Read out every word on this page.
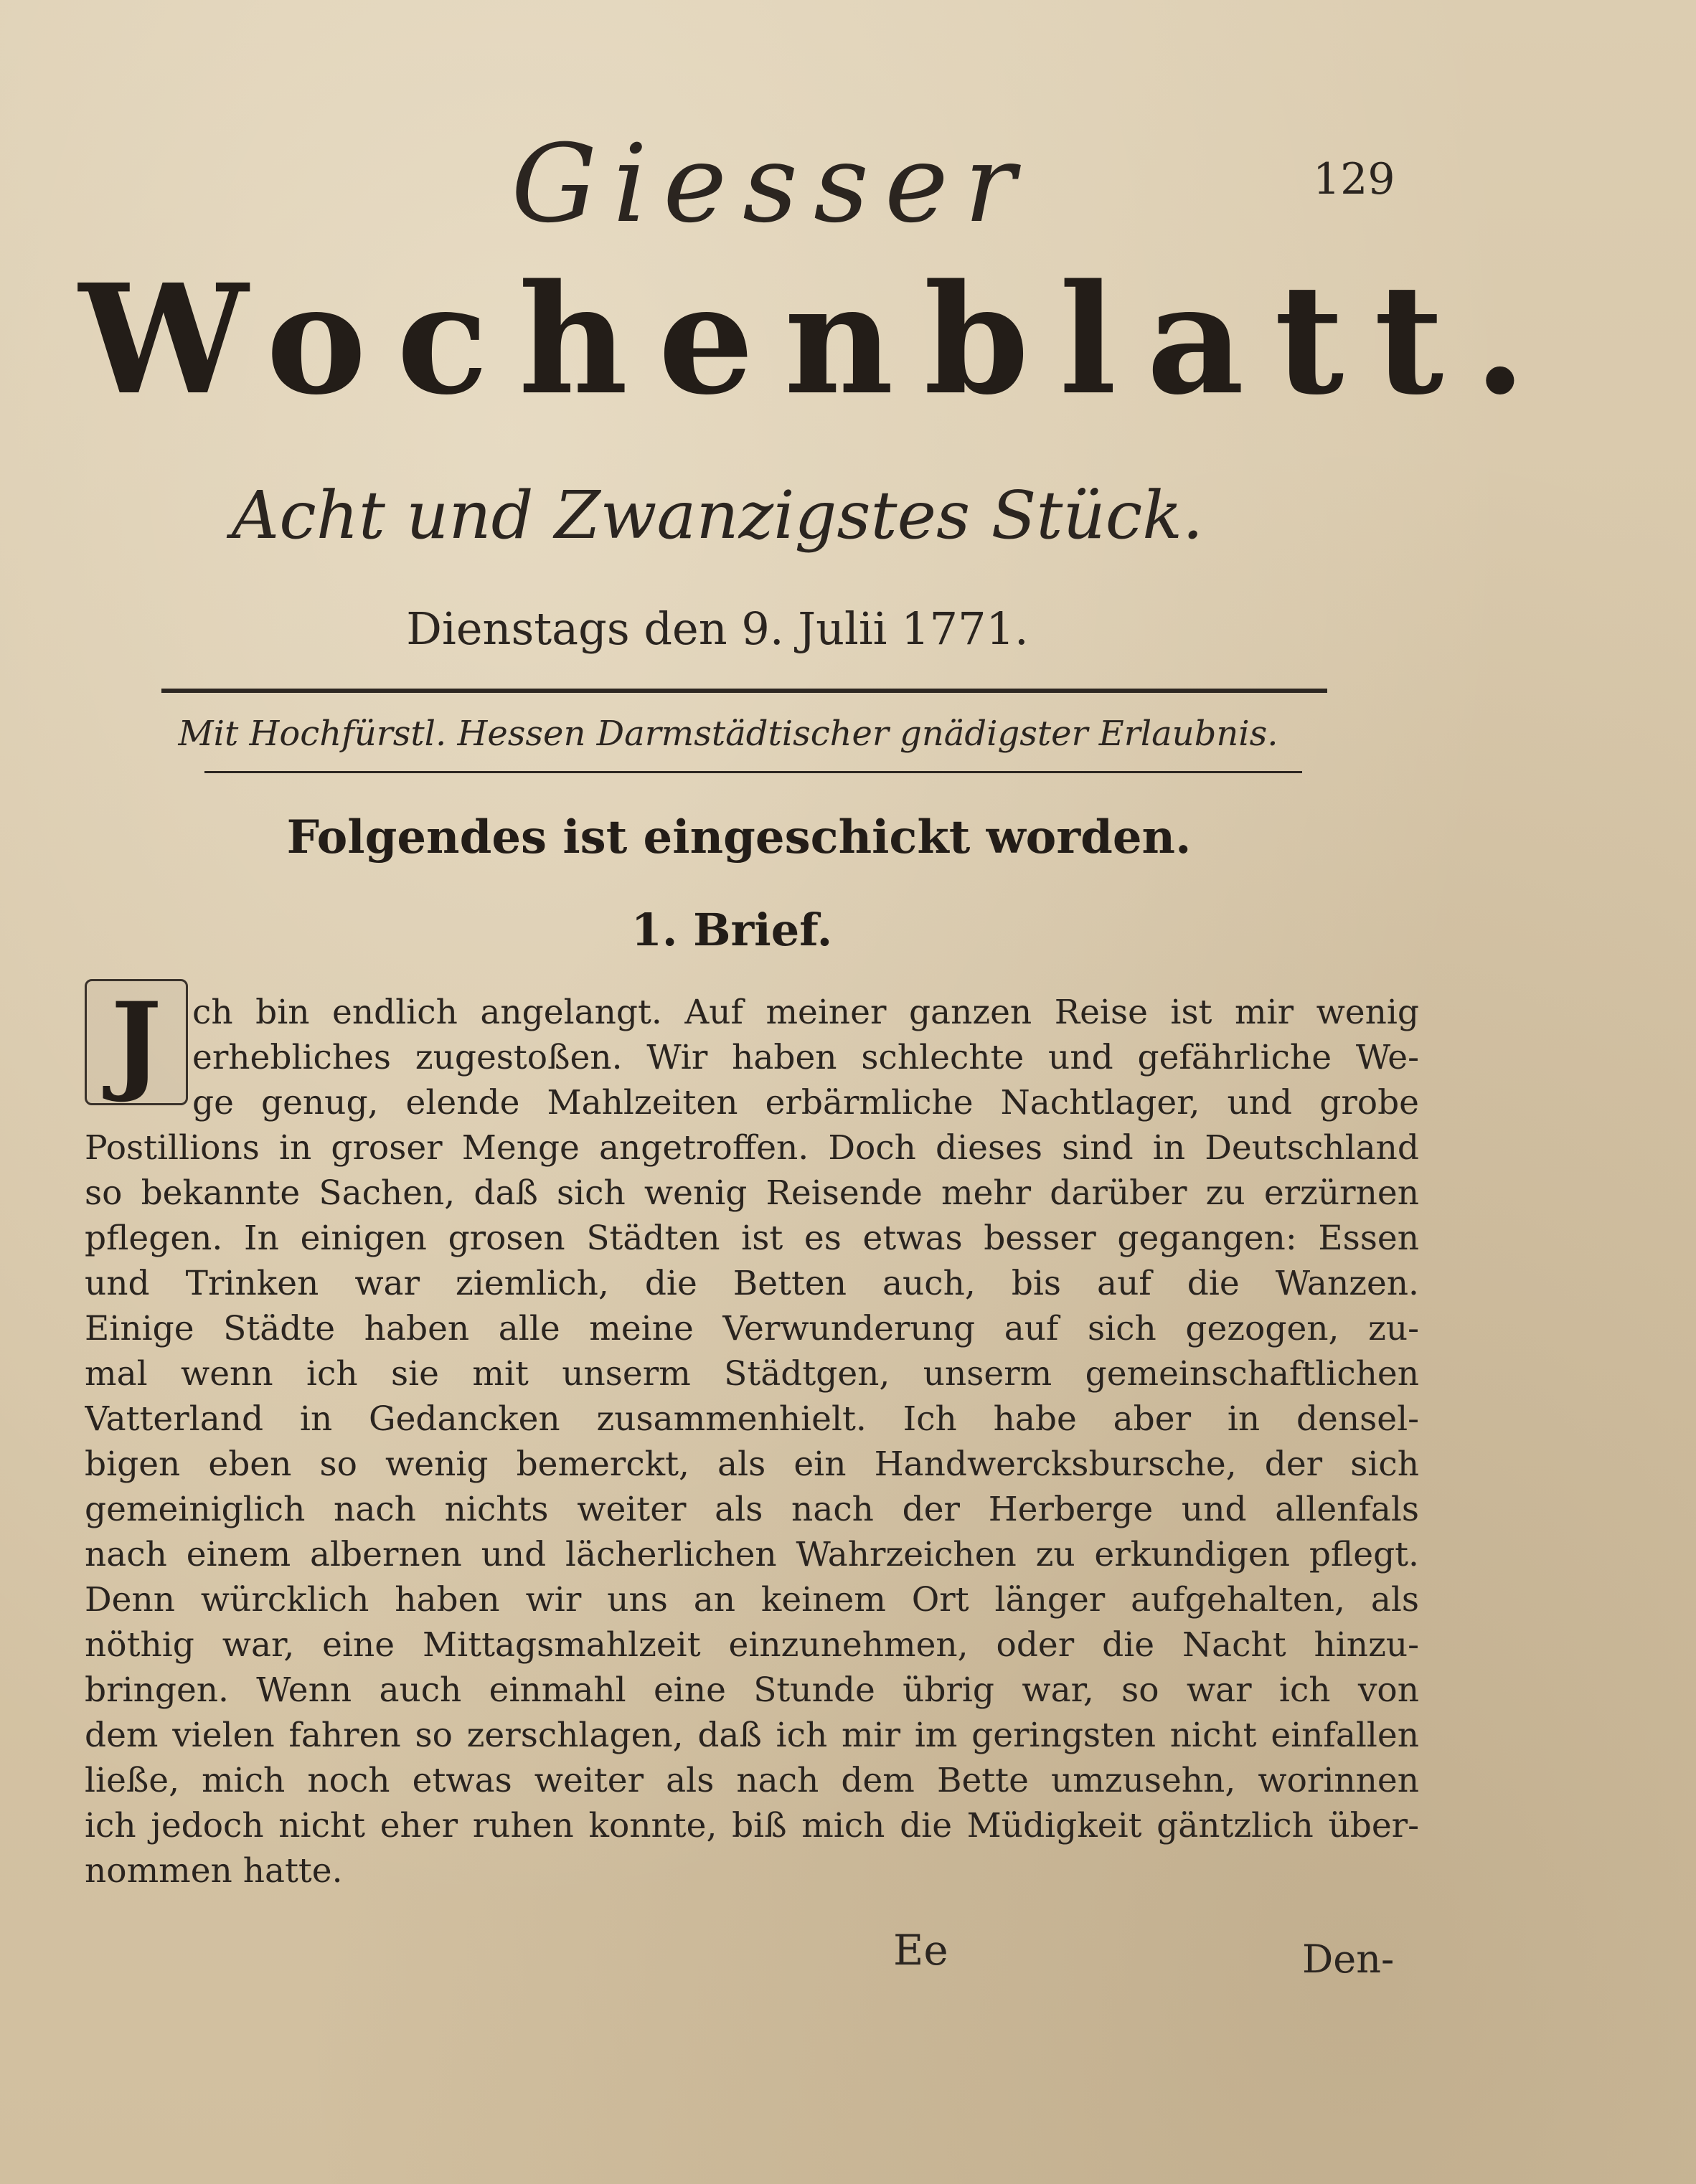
Giesser	129
Wochenblatt.
Acht und Zwanzigstes Stück.
Dienstags den 9. Julii 1771.
Mit Hochfürstl. Hessen Darmstädtischer gnädigster Erlaubnis.
Folgendes ist eingeschickt worden.
1. Brief.
J ch bin endlich angelangt. Auf meiner ganzen Reise ist mir wenig
erhebliches zugestoßen. Wir haben schlechte und gefährliche We-
ge genug, elende Mahlzeiten erbärmliche Nachtlager, und grobe
Postillions in groser Menge angetroffen. Doch dieses sind in Deutschland
so bekannte Sachen, daß sich wenig Reisende mehr darüber zu erzürnen
pflegen. In einigen grosen Städten ist es etwas besser gegangen: Essen
und Trinken war ziemlich, die Betten auch, bis auf die Wanzen.
Einige Städte haben alle meine Verwunderung auf sich gezogen, zu-
mal wenn ich sie mit unserm Städtgen, unserm gemeinschaftlichen
Vatterland in Gedancken zusammenhielt. Ich habe aber in densel-
bigen eben so wenig bemerckt, als ein Handwercksbursche, der sich
gemeiniglich nach nichts weiter als nach der Herberge und allenfals
nach einem albernen und lächerlichen Wahrzeichen zu erkundigen pflegt.
Denn würcklich haben wir uns an keinem Ort länger aufgehalten, als
nöthig war, eine Mittagsmahlzeit einzunehmen, oder die Nacht hinzu-
bringen. Wenn auch einmahl eine Stunde übrig war, so war ich von
dem vielen fahren so zerschlagen, daß ich mir im geringsten nicht einfallen
ließe, mich noch etwas weiter als nach dem Bette umzusehn, worinnen
ich jedoch nicht eher ruhen konnte, biß mich die Müdigkeit gäntzlich über-
nommen hatte.
Ee	Den-
